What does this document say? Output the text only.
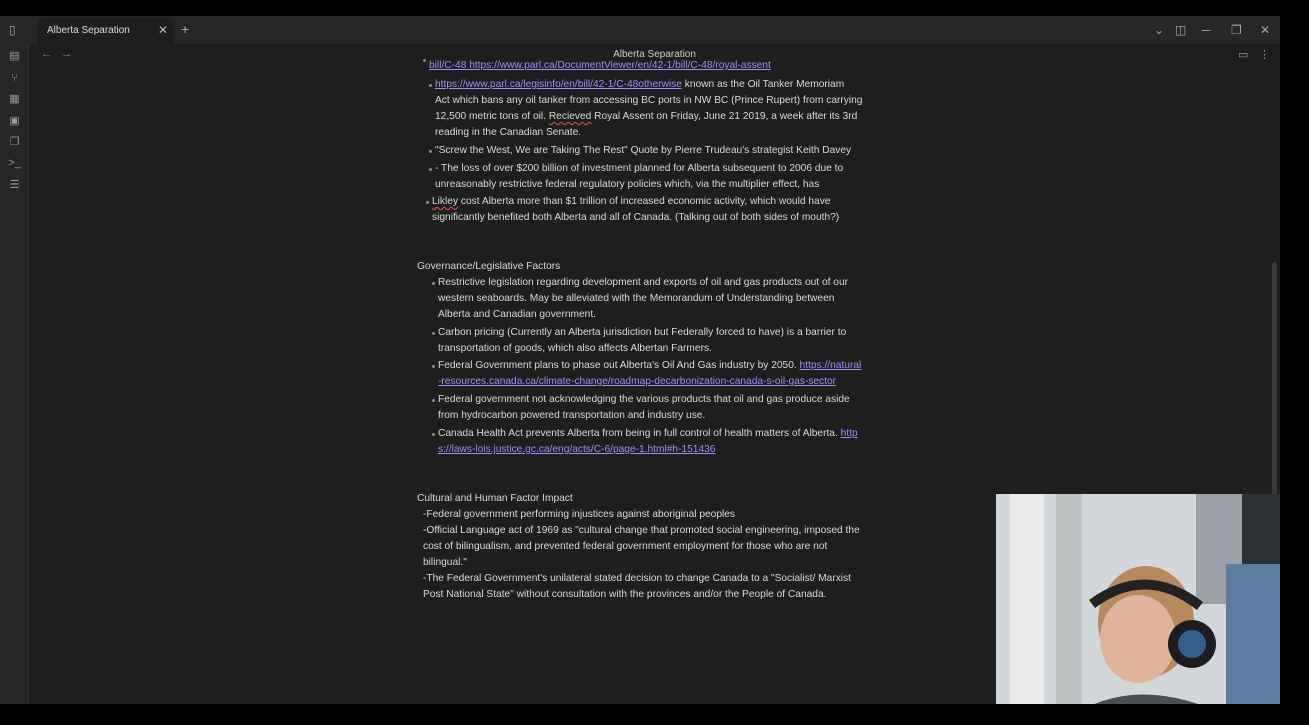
▯	Alberta Separation ✕ +	⌄ ◫ ─ ❐ ✕
▤
⑂
▦
▣
❐
>_
☰
← →	Alberta Separation	▭ ⋮
bill/C-48 https://www.parl.ca/DocumentViewer/en/42-1/bill/C-48/royal-assent
https://www.parl.ca/legisinfo/en/bill/42-1/C-48otherwise known as the Oil Tanker Memoriam
Act which bans any oil tanker from accessing BC ports in NW BC (Prince Rupert) from carrying
12,500 metric tons of oil. Recieved Royal Assent on Friday, June 21 2019, a week after its 3rd
reading in the Canadian Senate.
"Screw the West, We are Taking The Rest" Quote by Pierre Trudeau's strategist Keith Davey
- The loss of over $200 billion of investment planned for Alberta subsequent to 2006 due to
unreasonably restrictive federal regulatory policies which, via the multiplier effect, has
Likley cost Alberta more than $1 trillion of increased economic activity, which would have
significantly benefited both Alberta and all of Canada. (Talking out of both sides of mouth?)
Governance/Legislative Factors
Restrictive legislation regarding development and exports of oil and gas products out of our
western seaboards. May be alleviated with the Memorandum of Understanding between
Alberta and Canadian government.
Carbon pricing (Currently an Alberta jurisdiction but Federally forced to have) is a barrier to
transportation of goods, which also affects Albertan Farmers.
Federal Government plans to phase out Alberta's Oil And Gas industry by 2050. https://natural
-resources.canada.ca/climate-change/roadmap-decarbonization-canada-s-oil-gas-sector
Federal government not acknowledging the various products that oil and gas produce aside
from hydrocarbon powered transportation and industry use.
Canada Health Act prevents Alberta from being in full control of health matters of Alberta. http
s://laws-lois.justice.gc.ca/eng/acts/C-6/page-1.html#h-151436
Cultural and Human Factor Impact
-Federal government performing injustices against aboriginal peoples
-Official Language act of 1969 as "cultural change that promoted social engineering, imposed the
cost of bilingualism, and prevented federal government employment for those who are not
bilingual."
-The Federal Government's unilateral stated decision to change Canada to a "Socialist/ Marxist
Post National State" without consultation with the provinces and/or the People of Canada.
